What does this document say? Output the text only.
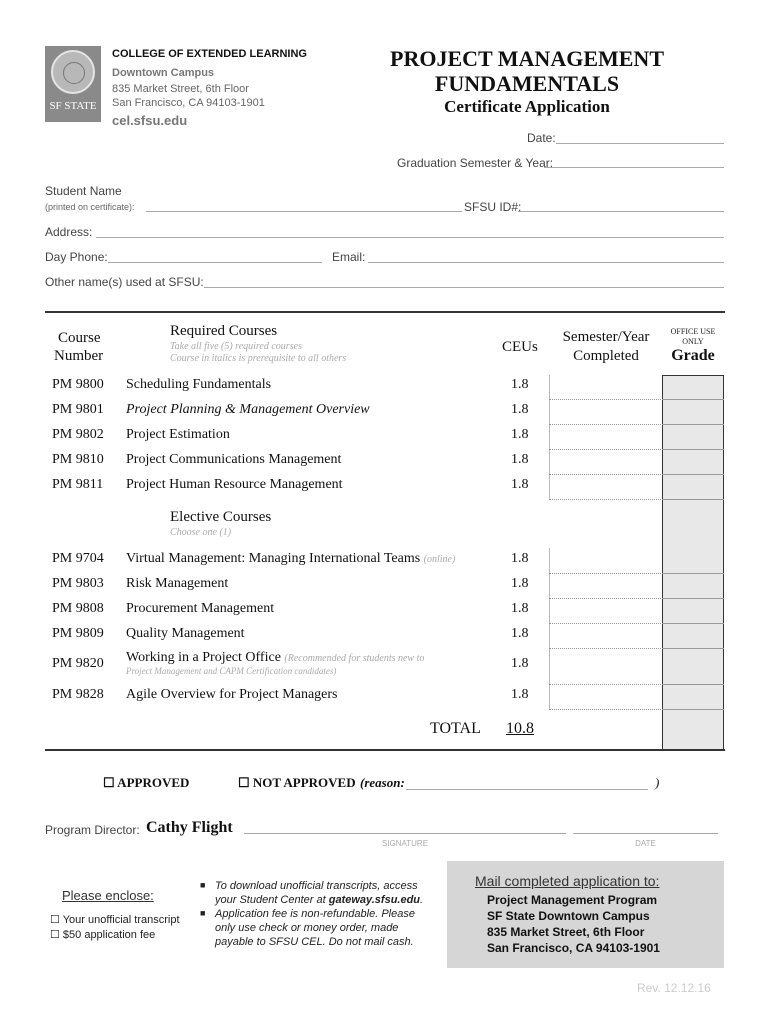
SF STATE
COLLEGE OF EXTENDED LEARNING
Downtown Campus
835 Market Street, 6th Floor
San Francisco, CA 94103-1901
cel.sfsu.edu
PROJECT MANAGEMENT
FUNDAMENTALS
Certificate Application
Date:
Graduation Semester & Year:
Student Name
(printed on certificate):	SFSU ID#:
Address:
Day Phone:	Email:
Other name(s) used at SFSU:
Course
Number
Required Courses
Take all five (5) required courses
Course in italics is prerequisite to all others
CEUs
Semester/Year
Completed
OFFICE USE
ONLY
Grade
PM 9800 Scheduling Fundamentals	1.8
PM 9801 Project Planning & Management Overview	1.8
PM 9802 Project Estimation	1.8
PM 9810 Project Communications Management	1.8
PM 9811 Project Human Resource Management	1.8
Elective Courses
Choose one (1)
PM 9704 Virtual Management: Managing International Teams (online)	1.8
PM 9803 Risk Management	1.8
PM 9808 Procurement Management	1.8
PM 9809 Quality Management	1.8
PM 9820 Working in a Project Office (Recommended for students new to
Project Management and CAPM Certification candidates)	1.8
PM 9828 Agile Overview for Project Managers	1.8
TOTAL 10.8
☐ APPROVED	☐ NOT APPROVED (reason:	)
Program Director: Cathy Flight
SIGNATURE	DATE
Please enclose:
☐ Your unofficial transcript
☐ $50 application fee
■ To download unofficial transcripts, access
your Student Center at gateway.sfsu.edu.
■ Application fee is non-refundable. Please
only use check or money order, made
payable to SFSU CEL. Do not mail cash.
Mail completed application to:
Project Management Program
SF State Downtown Campus
835 Market Street, 6th Floor
San Francisco, CA 94103-1901
Rev. 12.12.16
